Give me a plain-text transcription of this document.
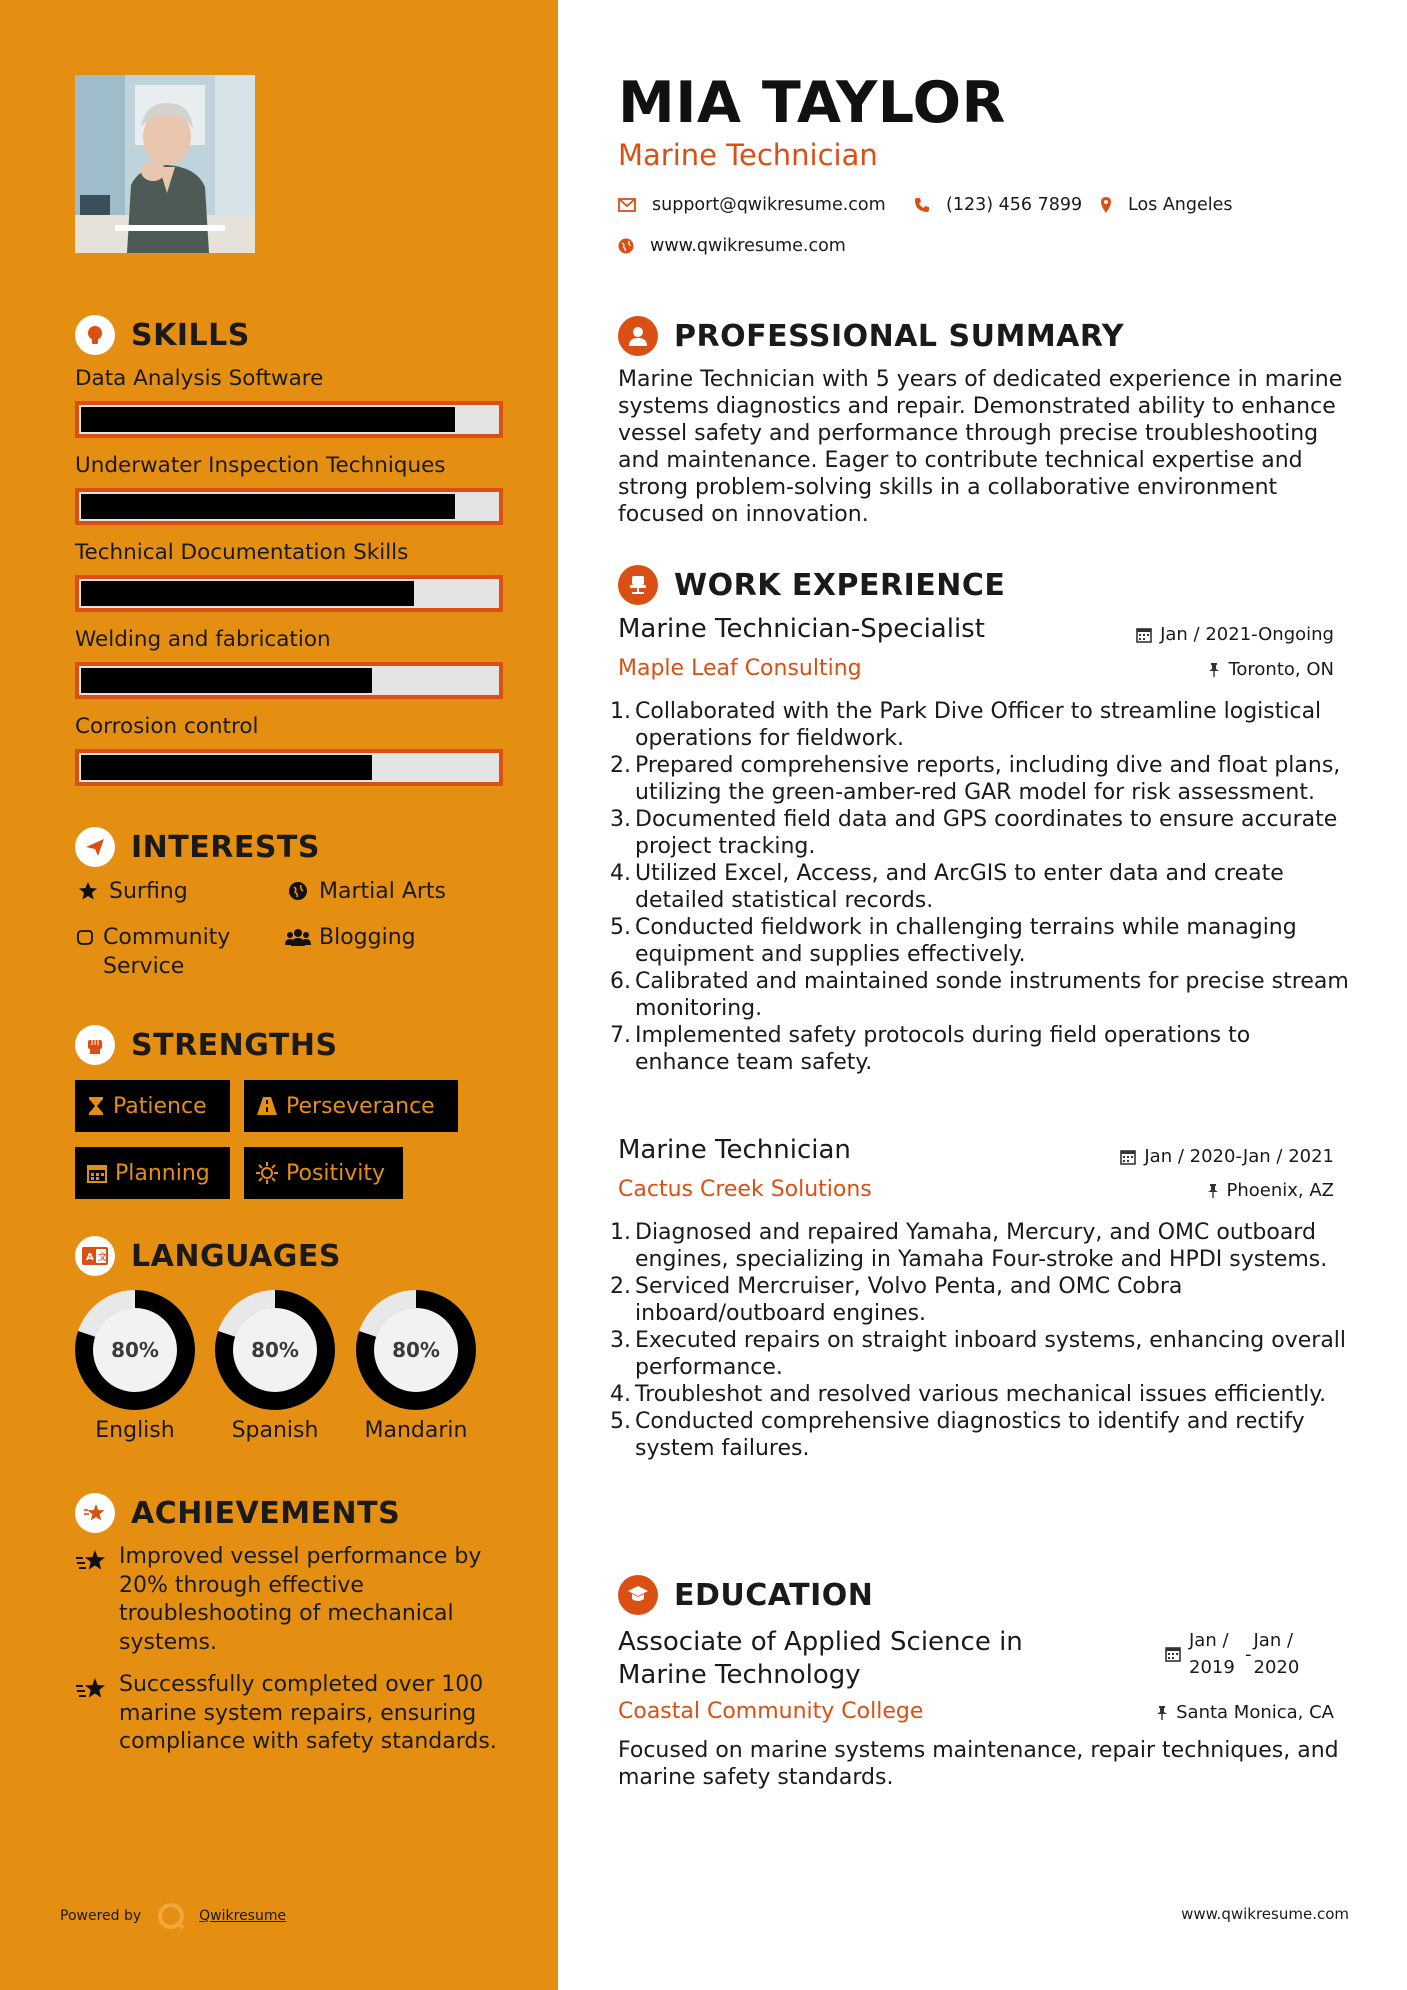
SKILLS
Data Analysis Software
Underwater Inspection Techniques
Technical Documentation Skills
Welding and fabrication
Corrosion control
INTERESTS
Surfing	Martial Arts
Community Service
Blogging
STRENGTHS
Patience	Perseverance
Planning	Positivity
A 文 LANGUAGES
80%
English
80%
Spanish
80%
Mandarin
ACHIEVEMENTS
Improved vessel performance by 20% through effective troubleshooting of mechanical systems.
Successfully completed over 100 marine system repairs, ensuring compliance with safety standards.
Powered by	Qwikresume
MIA TAYLOR
Marine Technician
support@qwikresume.com	(123) 456 7899	Los Angeles
www.qwikresume.com
PROFESSIONAL SUMMARY
Marine Technician with 5 years of dedicated experience in marine systems diagnostics and repair. Demonstrated ability to enhance vessel safety and performance through precise troubleshooting and maintenance. Eager to contribute technical expertise and strong problem-solving skills in a collaborative environment focused on innovation.
WORK EXPERIENCE
Marine Technician-Specialist	Jan / 2021-Ongoing
Maple Leaf Consulting	Toronto, ON
1. Collaborated with the Park Dive Officer to streamline logistical operations for fieldwork.
2. Prepared comprehensive reports, including dive and float plans, utilizing the green-amber-red GAR model for risk assessment.
3. Documented field data and GPS coordinates to ensure accurate project tracking.
4. Utilized Excel, Access, and ArcGIS to enter data and create detailed statistical records.
5. Conducted fieldwork in challenging terrains while managing equipment and supplies effectively.
6. Calibrated and maintained sonde instruments for precise stream monitoring.
7. Implemented safety protocols during field operations to enhance team safety.
Marine Technician	Jan / 2020-Jan / 2021
Cactus Creek Solutions	Phoenix, AZ
1. Diagnosed and repaired Yamaha, Mercury, and OMC outboard engines, specializing in Yamaha Four-stroke and HPDI systems.
2. Serviced Mercruiser, Volvo Penta, and OMC Cobra inboard/outboard engines.
3. Executed repairs on straight inboard systems, enhancing overall performance.
4. Troubleshot and resolved various mechanical issues efficiently.
5. Conducted comprehensive diagnostics to identify and rectify system failures.
EDUCATION
Associate of Applied Science in Marine Technology
Jan / 2019
-
Jan / 2020
Coastal Community College	Santa Monica, CA
Focused on marine systems maintenance, repair techniques, and marine safety standards.
www.qwikresume.com
